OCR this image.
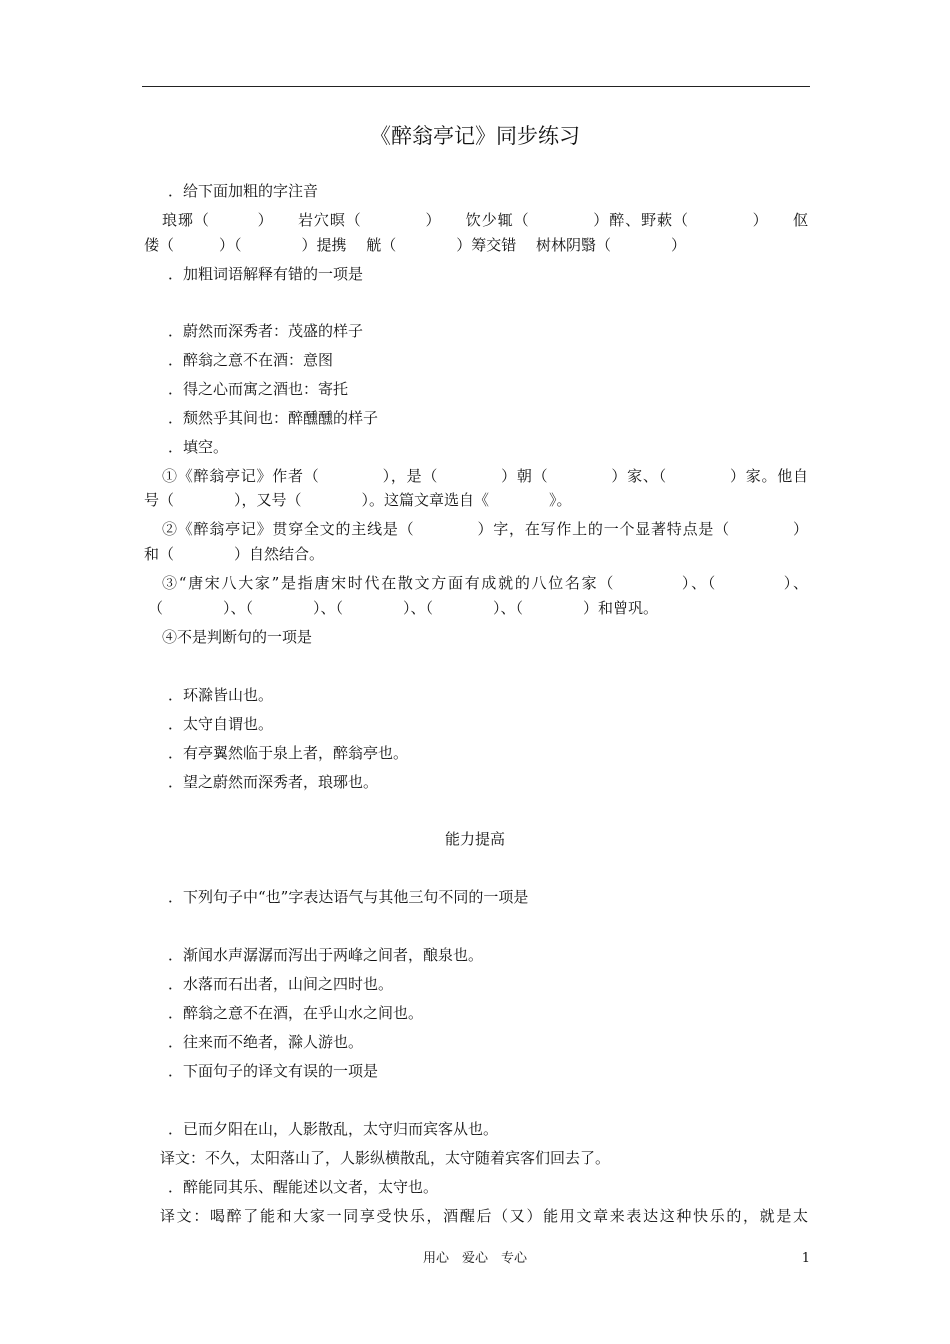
《醉翁亭记》同步练习
．给下面加粗的字注音
琅琊（　　　）　　岩穴暝（　　　　）　　饮少辄（　　　　）醉、野蔌（　　　　）　　伛
偻（　　　）（　　　　）提携　 觥（　　　　）筹交错　 树林阴翳（　　　　）
．加粗词语解释有错的一项是
．蔚然而深秀者：茂盛的样子
．醉翁之意不在酒：意图
．得之心而寓之酒也：寄托
．颓然乎其间也：醉醺醺的样子
．填空。
①《醉翁亭记》作者（　　　　），是（　　　　）朝（　　　　）家、（　　　　）家。他自
号（　　　　），又号（　　　　）。这篇文章选自《　　　　》。
②《醉翁亭记》贯穿全文的主线是（　　　　）字，在写作上的一个显著特点是（　　　　）
和（　　　　）自然结合。
③“唐宋八大家”是指唐宋时代在散文方面有成就的八位名家（　　　　）、（　　　　）、
（　　　　）、（　　　　）、（　　　　）、（　　　　）、（　　　　）和曾巩。
④不是判断句的一项是
．环滁皆山也。
．太守自谓也。
．有亭翼然临于泉上者，醉翁亭也。
．望之蔚然而深秀者，琅琊也。
．下列句子中“也”字表达语气与其他三句不同的一项是
．渐闻水声潺潺而泻出于两峰之间者，酿泉也。
．水落而石出者，山间之四时也。
．醉翁之意不在酒，在乎山水之间也。
．往来而不绝者，滁人游也。
．下面句子的译文有误的一项是
．已而夕阳在山，人影散乱，太守归而宾客从也。
译文：不久，太阳落山了，人影纵横散乱，太守随着宾客们回去了。
．醉能同其乐、醒能述以文者，太守也。
译文：喝醉了能和大家一同享受快乐，酒醒后（又）能用文章来表达这种快乐的，就是太
能力提高
用心　爱心　专心	1
